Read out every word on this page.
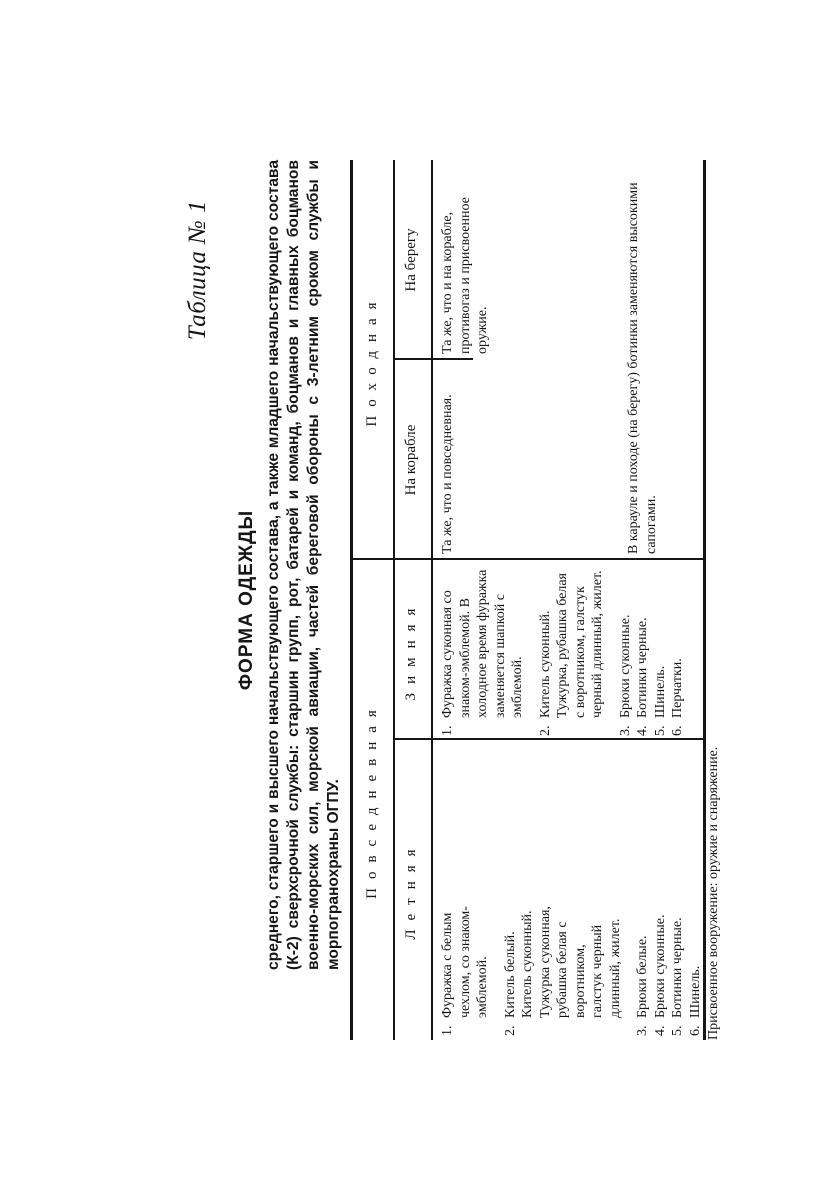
Таблица № 1
ФОРМА ОДЕЖДЫ среднего, старшего и высшего начальствующего состава, а также младшего начальствующего состава (К-2) сверхсрочной службы: старшин групп, рот, батарей и команд, боцманов и главных боцманов военно-морских сил, морской авиации, частей береговой обороны с 3-летним сроком службы и морпогранохраны ОГПУ. Повседневная
Походная
Летняя
Зимняя
На корабле
На берегу
1.
Фуражка с белым чехлом, со знаком-эмблемой.
2.
Китель белый. Китель суконный. Тужурка суконная, рубашка белая с воротником, галстук черный длинный, жилет.
3.
Брюки белые.
4.
Брюки суконные.
5.
Ботинки черные.
6.
Шинель.
1.
Фуражка суконная со знаком-эмблемой. В холодное время фуражка заменяется шапкой с эмблемой.
2.
Китель суконный. Тужурка, рубашка белая с воротником, галстук черный длинный, жилет.
3.
Брюки суконные.
4.
Ботинки черные.
5.
Шинель.
6.
Перчатки.
Та же, что и повседневная.
Та же, что и на корабле, противогаз и присвоенное оружие.	В карауле и походе (на берегу) ботинки заменяются высокими сапогами.
Присвоенное вооружение: оружие и снаряжение.
